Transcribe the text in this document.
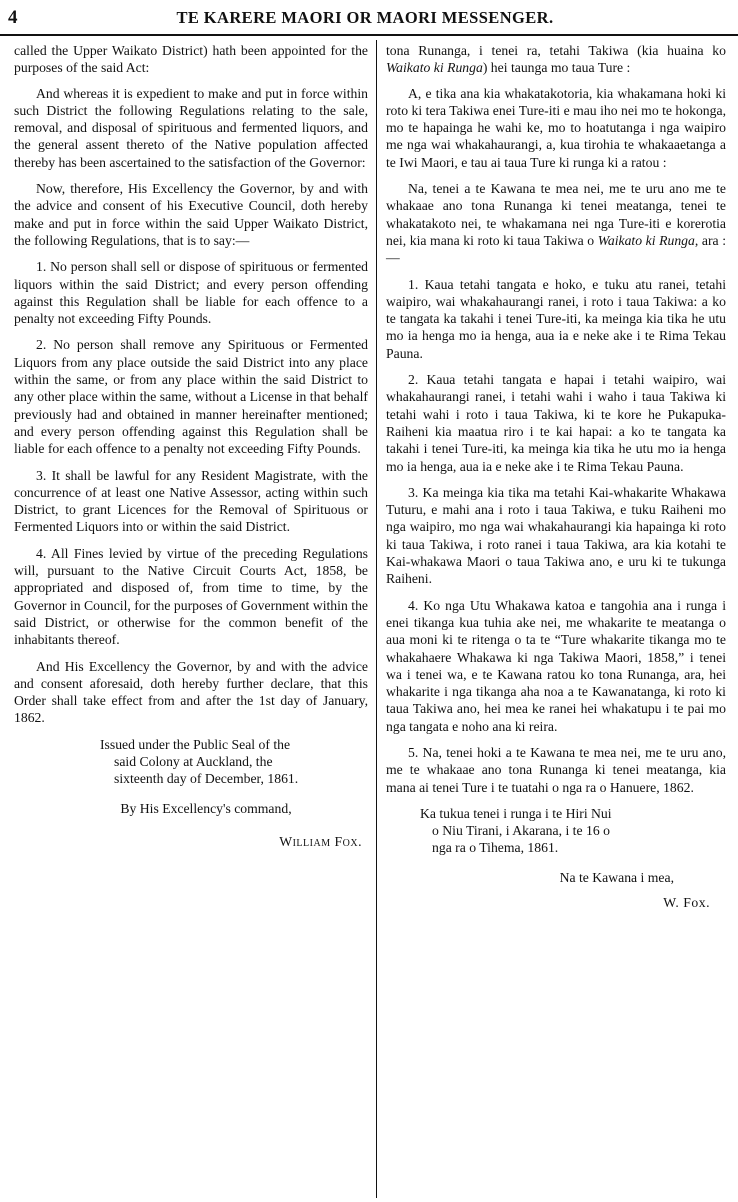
4	TE KARERE MAORI OR MAORI MESSENGER.

called the Upper Waikato District) hath been appointed for the purposes of the said Act:

And whereas it is expedient to make and put in force within such District the following Regulations relating to the sale, removal, and disposal of spirituous and fermented liquors, and the general assent thereto of the Native population affected thereby has been ascertained to the satisfaction of the Governor:

Now, therefore, His Excellency the Governor, by and with the advice and consent of his Executive Council, doth hereby make and put in force within the said Upper Waikato District, the following Regulations, that is to say:—

1. No person shall sell or dispose of spirituous or fermented liquors within the said District; and every person offending against this Regulation shall be liable for each offence to a penalty not exceeding Fifty Pounds.

2. No person shall remove any Spirituous or Fermented Liquors from any place outside the said District into any place within the same, or from any place within the said District to any other place within the same, without a License in that behalf previously had and obtained in manner hereinafter mentioned; and every person offending against this Regulation shall be liable for each offence to a penalty not exceeding Fifty Pounds.

3. It shall be lawful for any Resident Magistrate, with the concurrence of at least one Native Assessor, acting within such District, to grant Licences for the Removal of Spirituous or Fermented Liquors into or within the said District.

4. All Fines levied by virtue of the preceding Regulations will, pursuant to the Native Circuit Courts Act, 1858, be appropriated and disposed of, from time to time, by the Governor in Council, for the purposes of Government within the said District, or otherwise for the common benefit of the inhabitants thereof.

And His Excellency the Governor, by and with the advice and consent aforesaid, doth hereby further declare, that this Order shall take effect from and after the 1st day of January, 1862.

Issued under the Public Seal of the
said Colony at Auckland, the
sixteenth day of December, 1861.

By His Excellency's command,

William Fox.

tona Runanga, i tenei ra, tetahi Takiwa (kia huaina ko Waikato ki Runga) hei taunga mo taua Ture :

A, e tika ana kia whakatakotoria, kia whakamana hoki ki roto ki tera Takiwa enei Ture-iti e mau iho nei mo te hokonga, mo te hapainga he wahi ke, mo to hoatutanga i nga waipiro me nga wai whakahaurangi, a, kua tirohia te whakaaetanga a te Iwi Maori, e tau ai taua Ture ki runga ki a ratou :

Na, tenei a te Kawana te mea nei, me te uru ano me te whakaae ano tona Runanga ki tenei meatanga, tenei te whakatakoto nei, te whakamana nei nga Ture-iti e korerotia nei, kia mana ki roto ki taua Takiwa o Waikato ki Runga, ara :—

1. Kaua tetahi tangata e hoko, e tuku atu ranei, tetahi waipiro, wai whakahaurangi ranei, i roto i taua Takiwa: a ko te tangata ka takahi i tenei Ture-iti, ka meinga kia tika he utu mo ia henga mo ia henga, aua ia e neke ake i te Rima Tekau Pauna.

2. Kaua tetahi tangata e hapai i tetahi waipiro, wai whakahaurangi ranei, i tetahi wahi i waho i taua Takiwa ki tetahi wahi i roto i taua Takiwa, ki te kore he Pukapuka-Raiheni kia maatua riro i te kai hapai: a ko te tangata ka takahi i tenei Ture-iti, ka meinga kia tika he utu mo ia henga mo ia henga, aua ia e neke ake i te Rima Tekau Pauna.

3. Ka meinga kia tika ma tetahi Kai-whakarite Whakawa Tuturu, e mahi ana i roto i taua Takiwa, e tuku Raiheni mo nga waipiro, mo nga wai whakahaurangi kia hapainga ki roto ki taua Takiwa, i roto ranei i taua Takiwa, ara kia kotahi te Kai-whakawa Maori o taua Takiwa ano, e uru ki te tukunga Raiheni.

4. Ko nga Utu Whakawa katoa e tangohia ana i runga i enei tikanga kua tuhia ake nei, me whakarite te meatanga o aua moni ki te ritenga o ta te “Ture whakarite tikanga mo te whakahaere Whakawa ki nga Takiwa Maori, 1858,” i tenei wa i tenei wa, e te Kawana ratou ko tona Runanga, ara, hei whakarite i nga tikanga aha noa a te Kawanatanga, ki roto ki taua Takiwa ano, hei mea ke ranei hei whakatupu i te pai mo nga tangata e noho ana ki reira.

5. Na, tenei hoki a te Kawana te mea nei, me te uru ano, me te whakaae ano tona Runanga ki tenei meatanga, kia mana ai tenei Ture i te tuatahi o nga ra o Hanuere, 1862.

Ka tukua tenei i runga i te Hiri Nui
o Niu Tirani, i Akarana, i te 16 o
nga ra o Tihema, 1861.

Na te Kawana i mea,

W. Fox.
